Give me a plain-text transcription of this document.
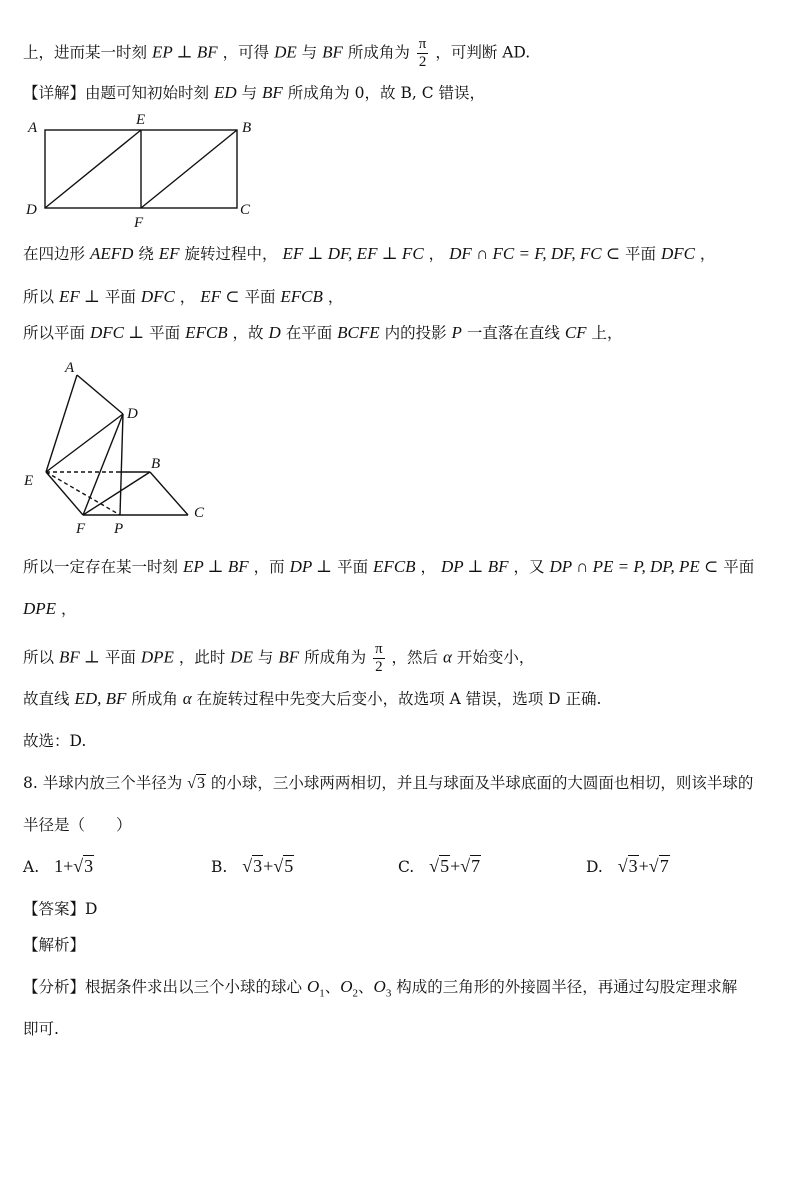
上，进而某一时刻 EP ⊥ BF ，可得 DE 与 BF 所成角为 $\frac{\pi}{2}$ ，可判断 AD.
【详解】由题可知初始时刻 ED 与 BF 所成角为 0，故 B, C 错误，
A	E	B
D
F
C
在四边形 AEFD 绕 EF 旋转过程中， EF ⊥ DF, EF ⊥ FC ， DF ∩ FC = F, DF, FC ⊂ 平面 DFC ，
所以 EF ⊥ 平面 DFC ， EF ⊂ 平面 EFCB ，
所以平面 DFC ⊥ 平面 EFCB ，故 D 在平面 BCFE 内的投影 P 一直落在直线 CF 上，
A
D
B
E
F P
C
所以一定存在某一时刻 EP ⊥ BF ，而 DP ⊥ 平面 EFCB ， DP ⊥ BF ，又 DP ∩ PE = P, DP, PE ⊂ 平面
DPE ，
所以 BF ⊥ 平面 DPE ，此时 DE 与 BF 所成角为 $\frac{\pi}{2}$ ，然后 α 开始变小，
故直线 ED, BF 所成角 α 在旋转过程中先变大后变小，故选项 A 错误，选项 D 正确.
故选：D.
8. 半球内放三个半径为 √3 的小球，三小球两两相切，并且与球面及半球底面的大圆面也相切，则该半球的
半径是（　　）
A. 1+√3	B. √3+√5	C. √5+√7	D. √3+√7
【答案】D
【解析】
【分析】根据条件求出以三个小球的球心 $O_1$、$O_2$、$O_3$ 构成的三角形的外接圆半径，再通过勾股定理求解
即可.
